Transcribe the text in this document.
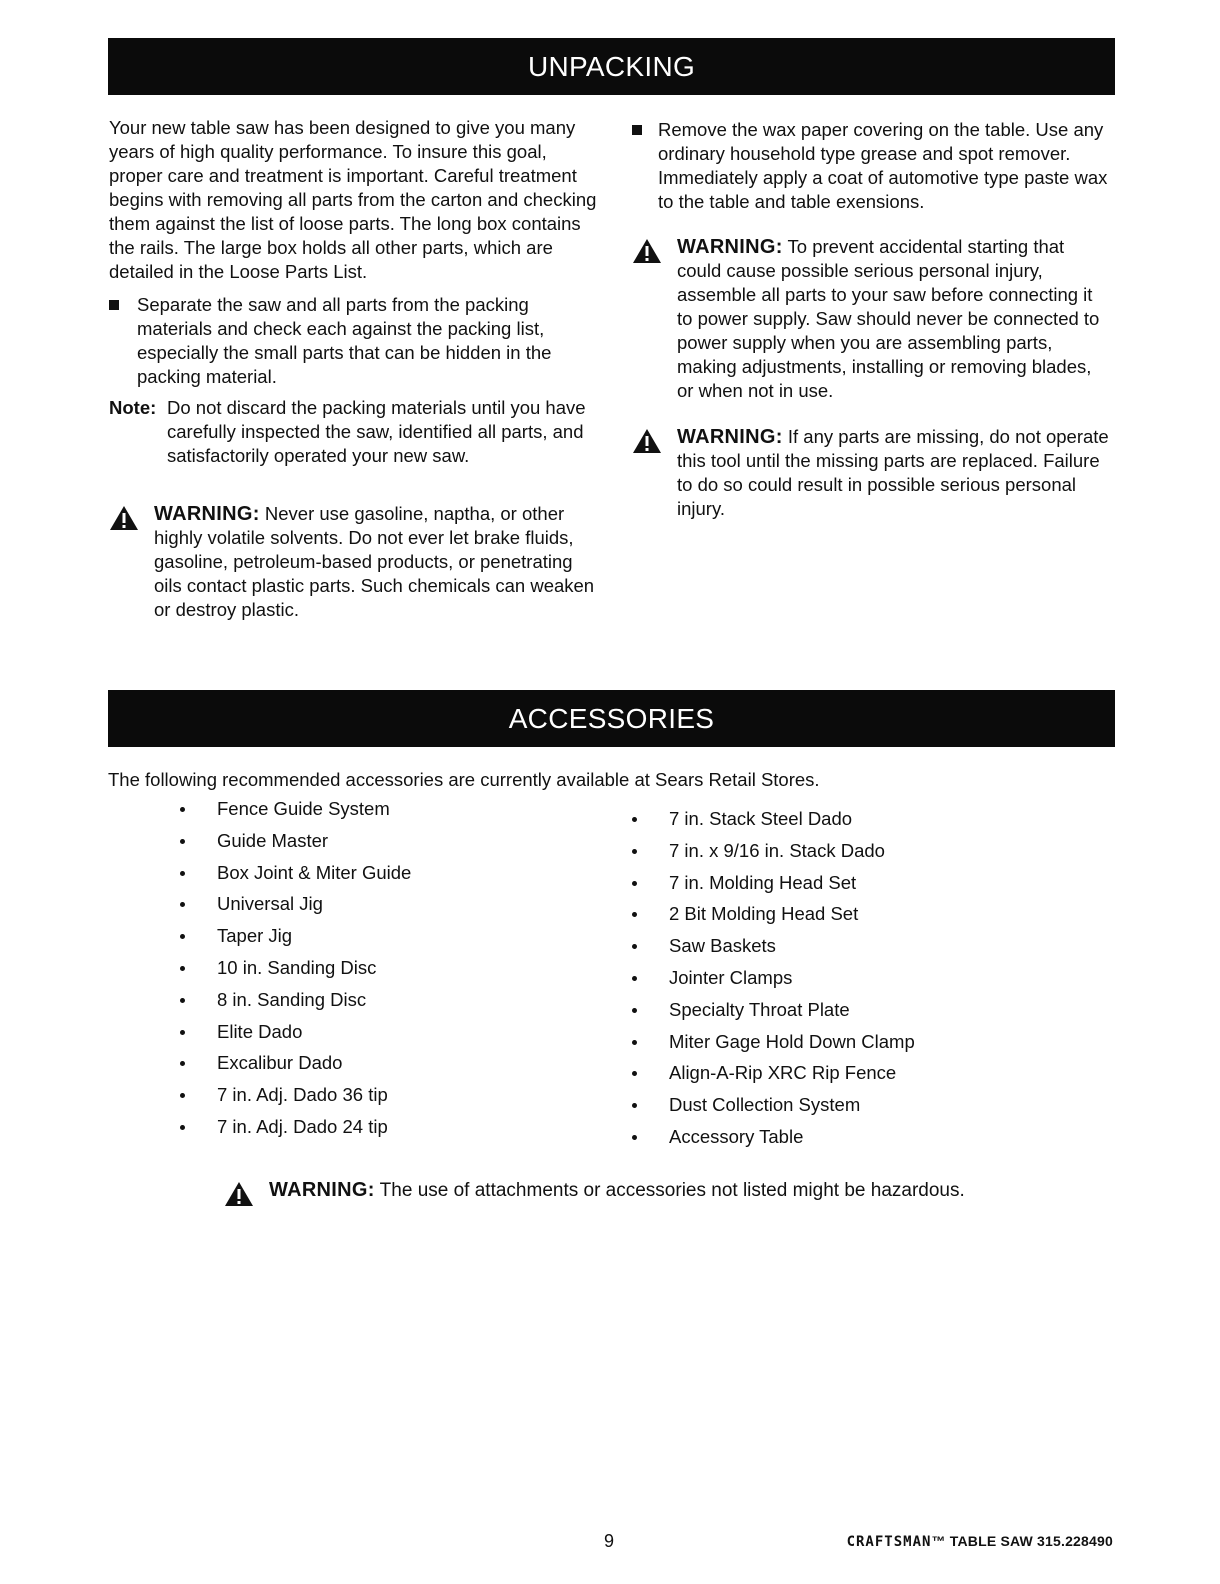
UNPACKING

Your new table saw has been designed to give you many years of high quality performance. To insure this goal, proper care and treatment is important. Careful treatment begins with removing all parts from the carton and checking them against the list of loose parts. The long box contains the rails. The large box holds all other parts, which are detailed in the Loose Parts List.

Separate the saw and all parts from the packing materials and check each against the packing list, especially the small parts that can be hidden in the packing material.

Note: Do not discard the packing materials until you have carefully inspected the saw, identified all parts, and satisfactorily operated your new saw.

WARNING: Never use gasoline, naptha, or other highly volatile solvents. Do not ever let brake fluids, gasoline, petroleum-based products, or penetrating oils contact plastic parts. Such chemicals can weaken or destroy plastic.

Remove the wax paper covering on the table. Use any ordinary household type grease and spot remover. Immediately apply a coat of automotive type paste wax to the table and table exensions.

WARNING: To prevent accidental starting that could cause possible serious personal injury, assemble all parts to your saw before connecting it to power supply. Saw should never be connected to power supply when you are assembling parts, making adjustments, installing or removing blades, or when not in use.

WARNING: If any parts are missing, do not operate this tool until the missing parts are replaced. Failure to do so could result in possible serious personal injury.

ACCESSORIES
The following recommended accessories are currently available at Sears Retail Stores.
Fence Guide System
Guide Master
Box Joint & Miter Guide
Universal Jig
Taper Jig
10 in. Sanding Disc
8 in. Sanding Disc
Elite Dado
Excalibur Dado
7 in. Adj. Dado 36 tip
7 in. Adj. Dado 24 tip
7 in. Stack Steel Dado
7 in. x 9/16 in. Stack Dado
7 in. Molding Head Set
2 Bit Molding Head Set
Saw Baskets
Jointer Clamps
Specialty Throat Plate
Miter Gage Hold Down Clamp
Align-A-Rip XRC Rip Fence
Dust Collection System
Accessory Table
WARNING: The use of attachments or accessories not listed might be hazardous.
9	CRAFTSMAN™ TABLE SAW 315.228490
